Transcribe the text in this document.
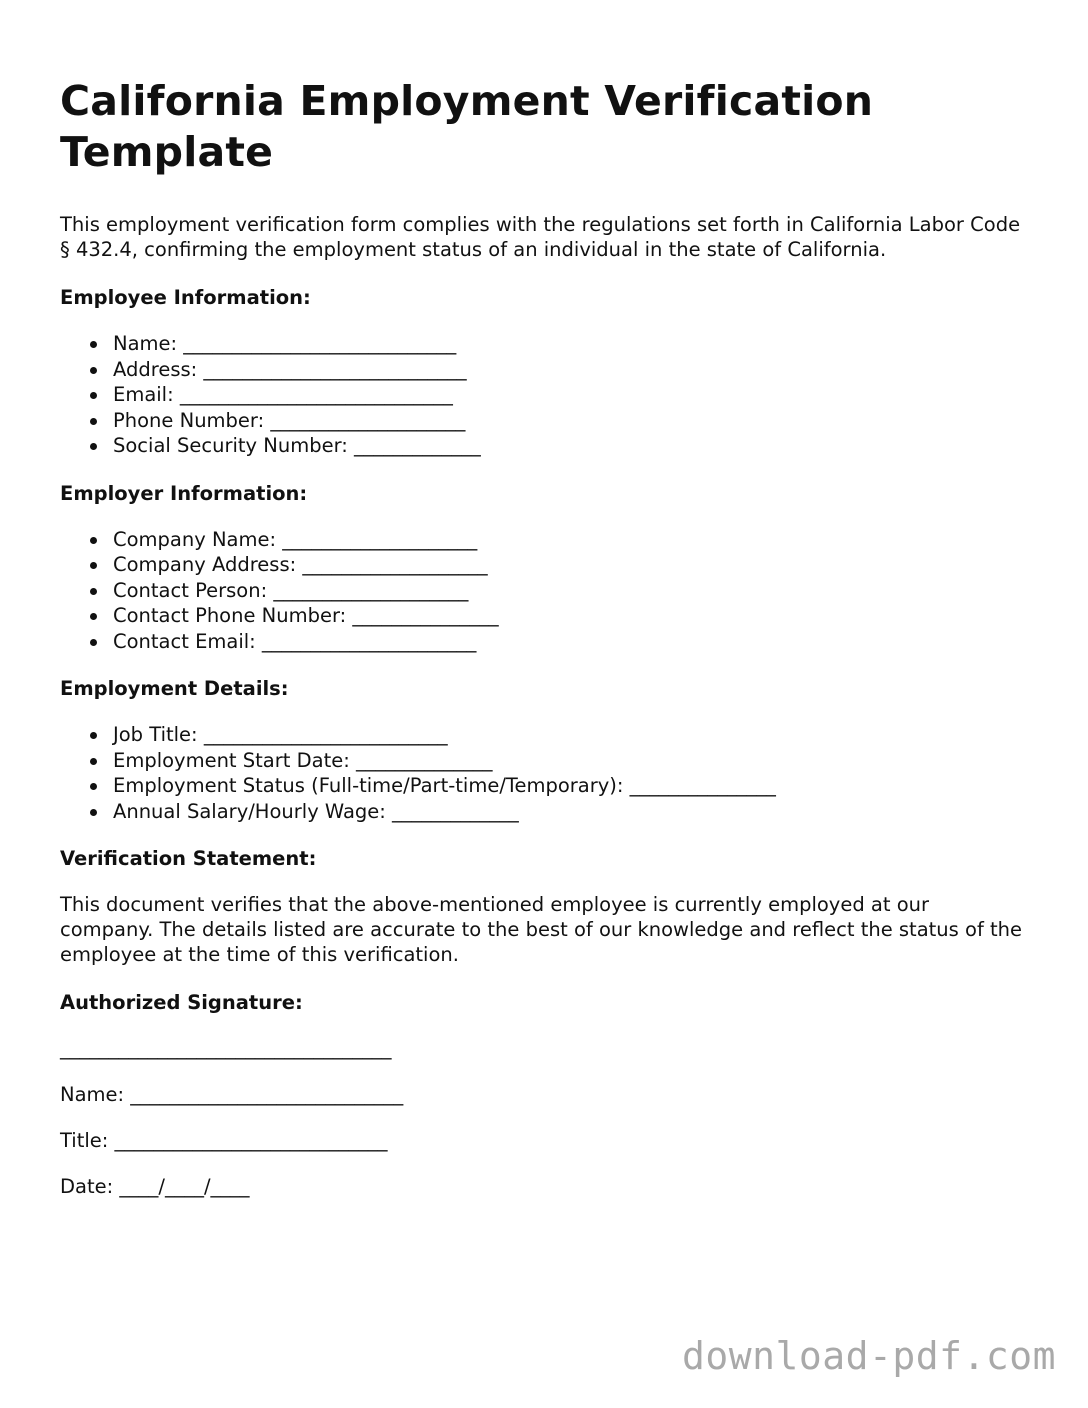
California Employment Verification Template

This employment verification form complies with the regulations set forth in California Labor Code § 432.4, confirming the employment status of an individual in the state of California.

Employee Information:
Name: ____________________________
Address: ___________________________
Email: ____________________________
Phone Number: ____________________
Social Security Number: _____________
Employer Information:
Company Name: ____________________
Company Address: ___________________
Contact Person: ____________________
Contact Phone Number: _______________
Contact Email: ______________________
Employment Details:
Job Title: _________________________
Employment Start Date: ______________
Employment Status (Full-time/Part-time/Temporary): _______________
Annual Salary/Hourly Wage: _____________
Verification Statement:

This document verifies that the above-mentioned employee is currently employed at our company. The details listed are accurate to the best of our knowledge and reflect the status of the employee at the time of this verification.

Authorized Signature:
__________________________________
Name: ____________________________
Title: ____________________________
Date: ____/____/____
download-pdf.com
